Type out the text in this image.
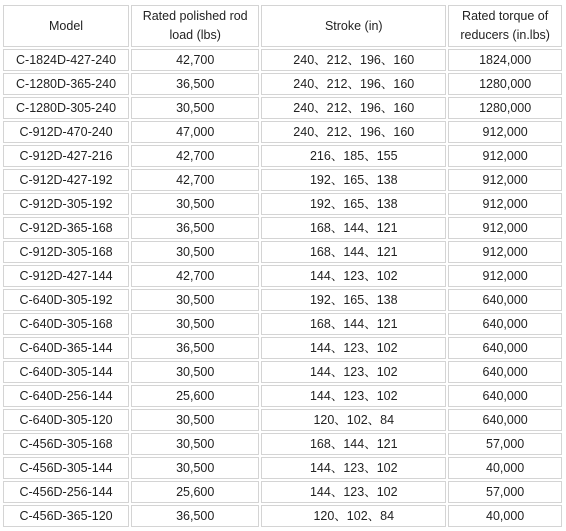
Model	Rated polished rod load (lbs)	Stroke (in)	Rated torque of reducers (in.lbs)
C-1824D-427-240	42,700	240、212、196、160	1824,000
C-1280D-365-240	36,500	240、212、196、160	1280,000
C-1280D-305-240	30,500	240、212、196、160	1280,000
C-912D-470-240	47,000	240、212、196、160	912,000
C-912D-427-216	42,700	216、185、155	912,000
C-912D-427-192	42,700	192、165、138	912,000
C-912D-305-192	30,500	192、165、138	912,000
C-912D-365-168	36,500	168、144、121	912,000
C-912D-305-168	30,500	168、144、121	912,000
C-912D-427-144	42,700	144、123、102	912,000
C-640D-305-192	30,500	192、165、138	640,000
C-640D-305-168	30,500	168、144、121	640,000
C-640D-365-144	36,500	144、123、102	640,000
C-640D-305-144	30,500	144、123、102	640,000
C-640D-256-144	25,600	144、123、102	640,000
C-640D-305-120	30,500	120、102、84	640,000
C-456D-305-168	30,500	168、144、121	57,000
C-456D-305-144	30,500	144、123、102	40,000
C-456D-256-144	25,600	144、123、102	57,000
C-456D-365-120	36,500	120、102、84	40,000
